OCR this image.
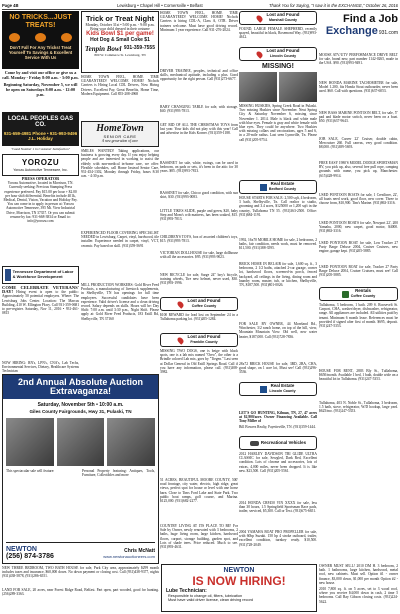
Page 4B	Lewisburg • Chapel Hill • Cornersville • Belfast	Thank You for Saying, "I saw it in the EXCHANGE," October 26, 2016
NO TRICKS...JUST TREATS!
Don't Fall For Any Tricks! Treat Yourself To Savings & Excellent Service With Us
Come by and visit our office or give us a call. Monday - Friday 8:00 a.m. - 5:00 p.m.
Beginning Saturday, November 5, we will be open on Saturdays 8:00 a.m. - 12:00 p.m.
LOCAL PEOPLES GAS CO.
931-659-4981 Phone • 931-993-9496 J.L. Holiday
"Good Number 1 in Customer Satisfaction"
YOROZU
Yorozu Automotive Tennessee, Inc.
PRESS OPERATOR
Yorozu Automotive, located in Morrison, TN. Currently seeking: Previous Stamping Press experience preferred. Pay $15.00 per hour + $2.00 per hour shift differential. Benefits include 401k, Medical, Dental, Vision, Vacation and Holiday Pay. You can come in to apply in person at: Yorozu Automotive Tennessee, 395 Mt. View Industrial Drive, Morrison, TN 37357. Or you can submit resume by fax: 931-668-3834 or Email to: info@yorozu.com
Tennessee Department of Labor & Workforce Development
COME CELEBRATE VETERANS' DAY! Hiring event is open to the public: Approximately 50 potential employers. Where: The Lewisburg Jobs Center. Location: The Marcus Building, 410 W. Ellington Pkwy. Call 931-359-0681 to pre-register. Saturday, Nov 11, 2016 • 931-461-0815
NOW HIRING: RN's, LPN's, CNA's, Lab Techs, Environmental Services, Dietary, Healthcare Systems Technician
2nd Annual Absolute Auction Extravaganza!
Saturday, November 5th • 10:00 a.m.
Giles County Fairgrounds, Hwy 31, Pulaski, TN
This spectacular sale will feature:	Personal Property featuring: Antiques, Tools, Furniture, Collectibles and more
NEWTON
(256) 874-3786
Chris McNatt
www.newtonauctioneers.com
Trick or Treat Night
Monday, October 31st • 5:00 p.m. - 9:00 p.m.
Bring your child dressed in their costume
Kids Bowl $1 per game!
Hot Dog & Small Coke $1
Tenpin Bowl 931-359-7555
800 W. Commerce St. Lewisburg, TN
HOME TOWN FEEL, HOME TIME GUARANTEED! WELCOME HOME! Nichols Carriers is Hiring Local CDL Drivers, Now Hiring Drivers. Excellent Pay, Great Benefits, Home Time, Modern Equipment. Call 855-208-4968
HomeTown
SENIOR CARE
A new generation of care
SMILES WANTED! Taking applications, our business is growing every day. If you enjoy helping people and are interested in working to assist the elderly with non-medical in-home care, we offer: Flexible schedules, call Home Instead Senior Care, 931-454-1302, Monday through Friday, hours 8:30 a.m. - 4:30 p.m.
EXPERIENCED FLOOR COVERING SPECIALIST NEEDED in Lewisburg. Carpet, vinyl, hardwood, tile installer. Experience needed in carpet, vinyl, VCT, ceramic. Pay based on skill. (931)359-5691
MILL PRODUCTION WORKERS: Gold River Feed Products, a manufacturing of livestock supplements, in Shelbyville, TN has openings for full time employees. Successful candidates have been experience. Valid driver's license and a clean driving record. Salary depends on skills. Hours will be: Day Shift: 7:00 a.m. until 3:30 p.m., Night Shift. Please apply at: Gold River Feed Products, 183 Estill Rd, Shelbyville, TN 37160
HOME TOWN FEEL, HOME TIME GUARANTEED! WELCOME HOME! Nichols Carriers is hiring CDL-A, Class A, OTR. Driver trainees welcome. Must have good driving record. Minimum 1 year experience. Call 931-276-2024.
DRIVER TRAINEE, peoples, technical and office skills, mechanical aptitude, including a plus. Good opportunity for the right person. Call (931)273-6677.
BABY CHANGING TABLE for sale, with storage. $40. (931)993-7813.
GET RID OF ALL THE CHRISTMAS TOYS from last year. Your kids did not play with this year! Call and advertise in the Kids Korner. (931)359-1188.
BASSINET for sale, white, swings, can be used in bedroom, on pads or sets, it's been in the attic for 30 years. $85. (931)993-7813.
BASSINET for sale, Chicco good condition, with sun shirt, $30. (931)993-0083.
LITTLE TIKES SLIDE, purple and green, $20, baby Step and Mom's crib mattress, has been soaked, $15. (931)993-7813.
CHILDREN'S TOYS, box of assorted children's toys, $15. (931)993-7813.
VICTORIAN DOLLHOUSE for sale, large dollhouse with all the accessories. $95. (931)993-9023.
NEW BICYCLE for sale, Surge 24" boy's bicycle, training wheels, Tire new helmet, never used, $30. (931)993-1996.
Lost and Found
Coffee County
$100 REWARD for lead lost on September 24 in a Tullahoma parking lot. (931)205-1284.
Lost and Found
Franklin County
MISSING TWO DOGS, one is beige with black spots, one is a lab mix named "Oreo", the other is a Brindle colored Lab mix, goes by "Tiegen." Last seen at Dollar General in Old Estill Springs Road. Call if you have any information, please call. (931)308-3982.
Lost and Found
Marshall County
FOUND, LARGE FEMALE SHEPHERD, recently spayed, beautiful in black, Rosemond Way. (931)993-4612.
Lost and Found
Lincoln County
MISSING!
MISSING HUSKIES, Spring Creek Road in Pulaski. Two missing Huskies since November. Neut Spring City & Saturday November 6, missing since November 1. 2014. Male is black and white male with blue eyes. Female is gray and white female with blue eyes. They could be anywhere. Two Huskies with missing collars and vaccinations, ages 5 and 6, in a 20-mile radius. Last seen Lynnville, Tn. Please call (931)205-9754.
Real Estate
Bedford County
HOUSE STARTS FOR SALE: 2,500 sqft, 4 bedroom, 3 bath, Shelbyville, Tn. Call realtor to studio, grooming and 3.4 acres, $125000 or 1,200 sqft in the country, Tullahoma TN 55. (931)363-2500. Office: (931)684-1191.
1992, 16x70 MOBILE HOME for sale, 2 bedrooms, 2 baths, fair condition, needs work, must be removed. $11,500. (931)388-3595.
BRICK HOME IN BELAIR for sale, 1,600 sq. ft., 3 bedrooms, 2 1/2 baths, attached 2-car garage, corner lot, hardwood floors, screened-in porch, fenced backyard, all ceilings in the living, dining room and laundry room, master, tub, or kitchen, Shelbyville, TN, $187,500. (931)801-0026.
FOR SALE BY OWNER, 44 Moreland Rd., Winchester, 3/2 ranch home, on top of the hill, view, Mountain Mountain View. Old well, new water heater, $187,000. Call (931)728-7836.
28x72 BRICK HOUSE for sale, 3BD, 2BA, CHA, good shape, on 1 acre lot, Must see! Call (931)296-3536.
Real Estate
Lincoln County
Find a Job
Exchange 931.com
MOOSE ATV/UTV PERFORMANCE DRIVE BELT for sale, brand new, part number 1142-0265, made in the USA. $90. (931)993-9491.
NEW HONDA MARINE TACHOMETER for sale, Model 1.200, fits Honda Stout outboarder, never been used. $60. Call with questions. (931)637-6053.
NEW BASS MARINE PONTOON BELT, for sale, 5" pad and blade motor switch, never been on a boat. $50. (931)637-9643.
JOB SALE, Carver 22' Cruiser, double cabin, Mercruiser 260. Full canvas, very good condition. $8,000. (931)389-5693.
FREE EASY 1980'S MODEL DODGE SPORTSMAN RV, you pick up, also, several free pull rope, camping grounds with name, you pick up, Manchester. (615)428-9914.
USED PONTOON BOATS for sale, 1 Crestliner, 22', all boats need work, good floor, new cover. Three to choose from, $10,900. Tim's Marine. (931)863-3316.
USED PONTOON BOATS for sale, Newport 22', 200 Yamaha, 2000, new carpet, good motor, $4000. (931)863-3316.
USED PONTOON BOAT for sale, Low Tracker 27 Party Barge Deluxe 2004, Cruiser Cruisers, new engine, garage kept. (931)205-5885.
USED PONTOON BOAT for sale, Tracker 27 Party Barge Deluxe 2004, Cruiser Cruisers, must see! Call (931)205-5885.
Rentals
Coffee County
Tullahoma, 3 bedroom, 1 bath. 209 S. Roosevelt St. Carport, CHA, washer/dryer, dishwasher, refrigerator, range. All appliances are included. All utilities paid by tenant. Minimum 6 month lease. References must be provided if signed after first of month. $695, deposit. (931)247-5353.
HOUSE FOR RENT, 2803 Bly St., Tullahoma, $650/month. Available 1 bed, 1 bath, double wide on a beautiful lot in Tullahoma. (931)247-5353.
Tullahoma, 403 N. Noble St., Tullahoma, 3 bedroom, 1.5 bath, stove, refrigerator, W/D hookup, large yard. $625/mo. (931)247-5353.
LET'S GO HUNTING, Kilman, TN, 27, 47 acres at $2,900/acre. Owner Financing Available. Call Tony Miller of
Bill Bowers Realty, Fayetteville, TN. (931)359-1444.
Recreational Vehicles
2012 HARLEY DAVIDSON TRI GLIDE ULTRA CLASSIC for sale, Sewgled, Dark Red, Excellent condition. Lots of chrome and accessories, lots of extras, 4,000 miles, never been dropped. It is like new. $23,500. Call (931)205-5561.
2014 HONDA CRF450 VIN XXXX for sale, less than 30 hours, 1.5 Springfield Sportsman Race pads, trailer, serviced, $5,300. Call or Text. (931)675-6651.
2004 YAMAHA BOAT PRO PROPELLER for sale, with 60hp Suzuki. 150 hp 4 stroke outboard, trailer, excellent condition, turnkey ready. $10,500. (931)728-2049.
NEWTON
IS NOW HIRING!
Lube Technician:
Responsible to change oil, filters, lubrication
Must have valid driver license, clean driving record
NEW THREE BEDROOM, TWO BATH HOUSE for sale, Park City area, approximately $299 month includes taxes and insurance, $60,000 down. No down payment or closing cost. Call (931)438-9377, nights (931)438-5878, (931)286-6551.
LAND FOR SALE, 20 acres, near Forest Ridge Road, Belfast. Part open, part wooded, good for hunting. (256)289-3363.
OWNER MUST SELL! 2010 DM H. 3 bedroom, 2 bath. 1 bathrooms, large kitchen, hardwood, metal roof, new cabinets. Must sell. Option #1 - owner finance, $3,000 down, $1,000 per month Option #2 - new house.
2010 7,800 sq. ft. on 5 acres, set to 3 wood roof, where you receive $4,000 down in cash, 2 time 5 bedrooms. Call Ray Gibson closing costs. (931)224-5622.
51 ACRES, BEAUTIFUL MOORE COUNTY, 500' road frontage, city water, electric, high ridge, great views, perfect spot for house or level with one horse barn. Close to Tims Ford Lake and State Park. Two public boat ramps, golf course, and Marina. $125,000. (931)682-2277.
COUNTRY LIVING AT ITS PLACE TO BE! For Sale by Owner, newly renovated with 3 bedrooms, 2 baths, huge living room, large kitchen, hardwood floors, carport, storage building, garden spot, and Lots of shade trees. Price reduced. Much to see. (931)993-4631.
